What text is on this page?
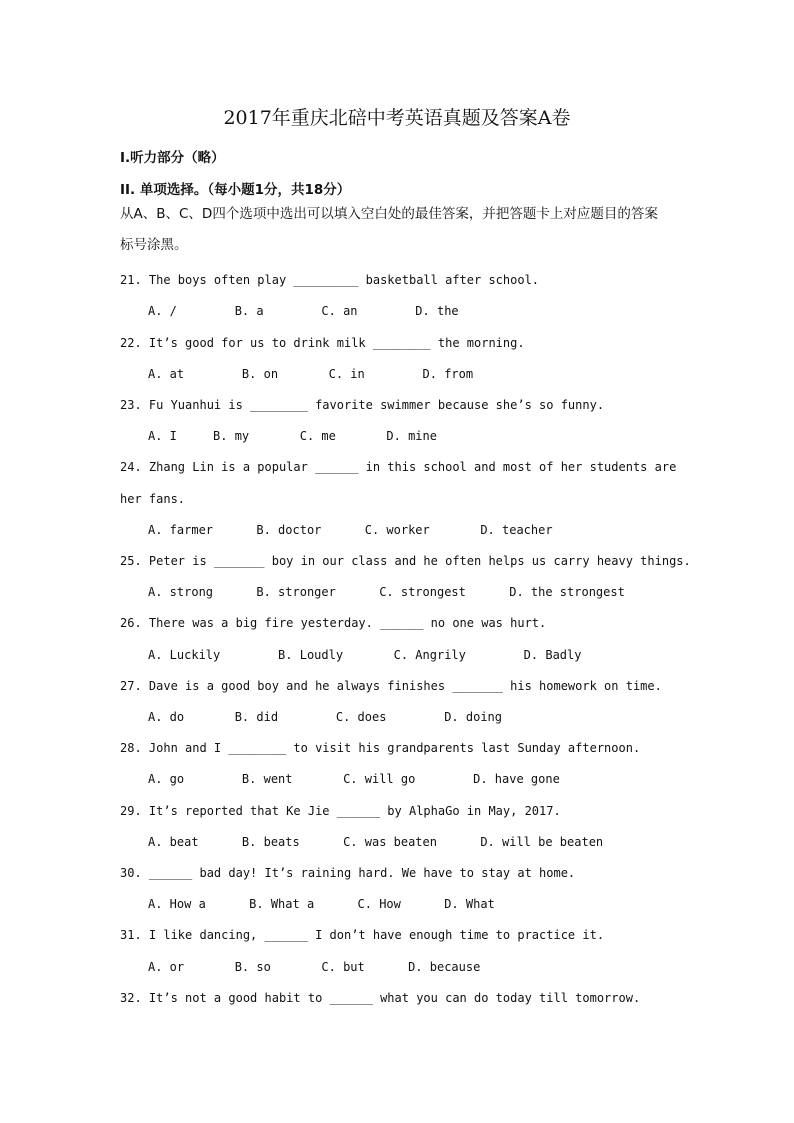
2017年重庆北碚中考英语真题及答案A卷
I.听力部分（略）
II. 单项选择。（每小题1分，共18分）
从A、B、C、D四个选项中选出可以填入空白处的最佳答案，并把答题卡上对应题目的答案
标号涂黑。
21. The boys often play _________ basketball after school.
A. /        B. a        C. an        D. the
22. It’s good for us to drink milk ________ the morning.
A. at        B. on       C. in        D. from
23. Fu Yuanhui is ________ favorite swimmer because she’s so funny.
A. I     B. my       C. me       D. mine
24. Zhang Lin is a popular ______ in this school and most of her students are
her fans.
A. farmer      B. doctor      C. worker       D. teacher
25. Peter is _______ boy in our class and he often helps us carry heavy things.
A. strong      B. stronger      C. strongest      D. the strongest
26. There was a big fire yesterday. ______ no one was hurt.
A. Luckily        B. Loudly       C. Angrily        D. Badly
27. Dave is a good boy and he always finishes _______ his homework on time.
A. do       B. did        C. does        D. doing
28. John and I ________ to visit his grandparents last Sunday afternoon.
A. go        B. went       C. will go        D. have gone
29. It’s reported that Ke Jie ______ by AlphaGo in May, 2017.
A. beat      B. beats      C. was beaten      D. will be beaten
30. ______ bad day! It’s raining hard. We have to stay at home.
A. How a      B. What a      C. How      D. What
31. I like dancing, ______ I don’t have enough time to practice it.
A. or       B. so       C. but      D. because
32. It’s not a good habit to ______ what you can do today till tomorrow.
